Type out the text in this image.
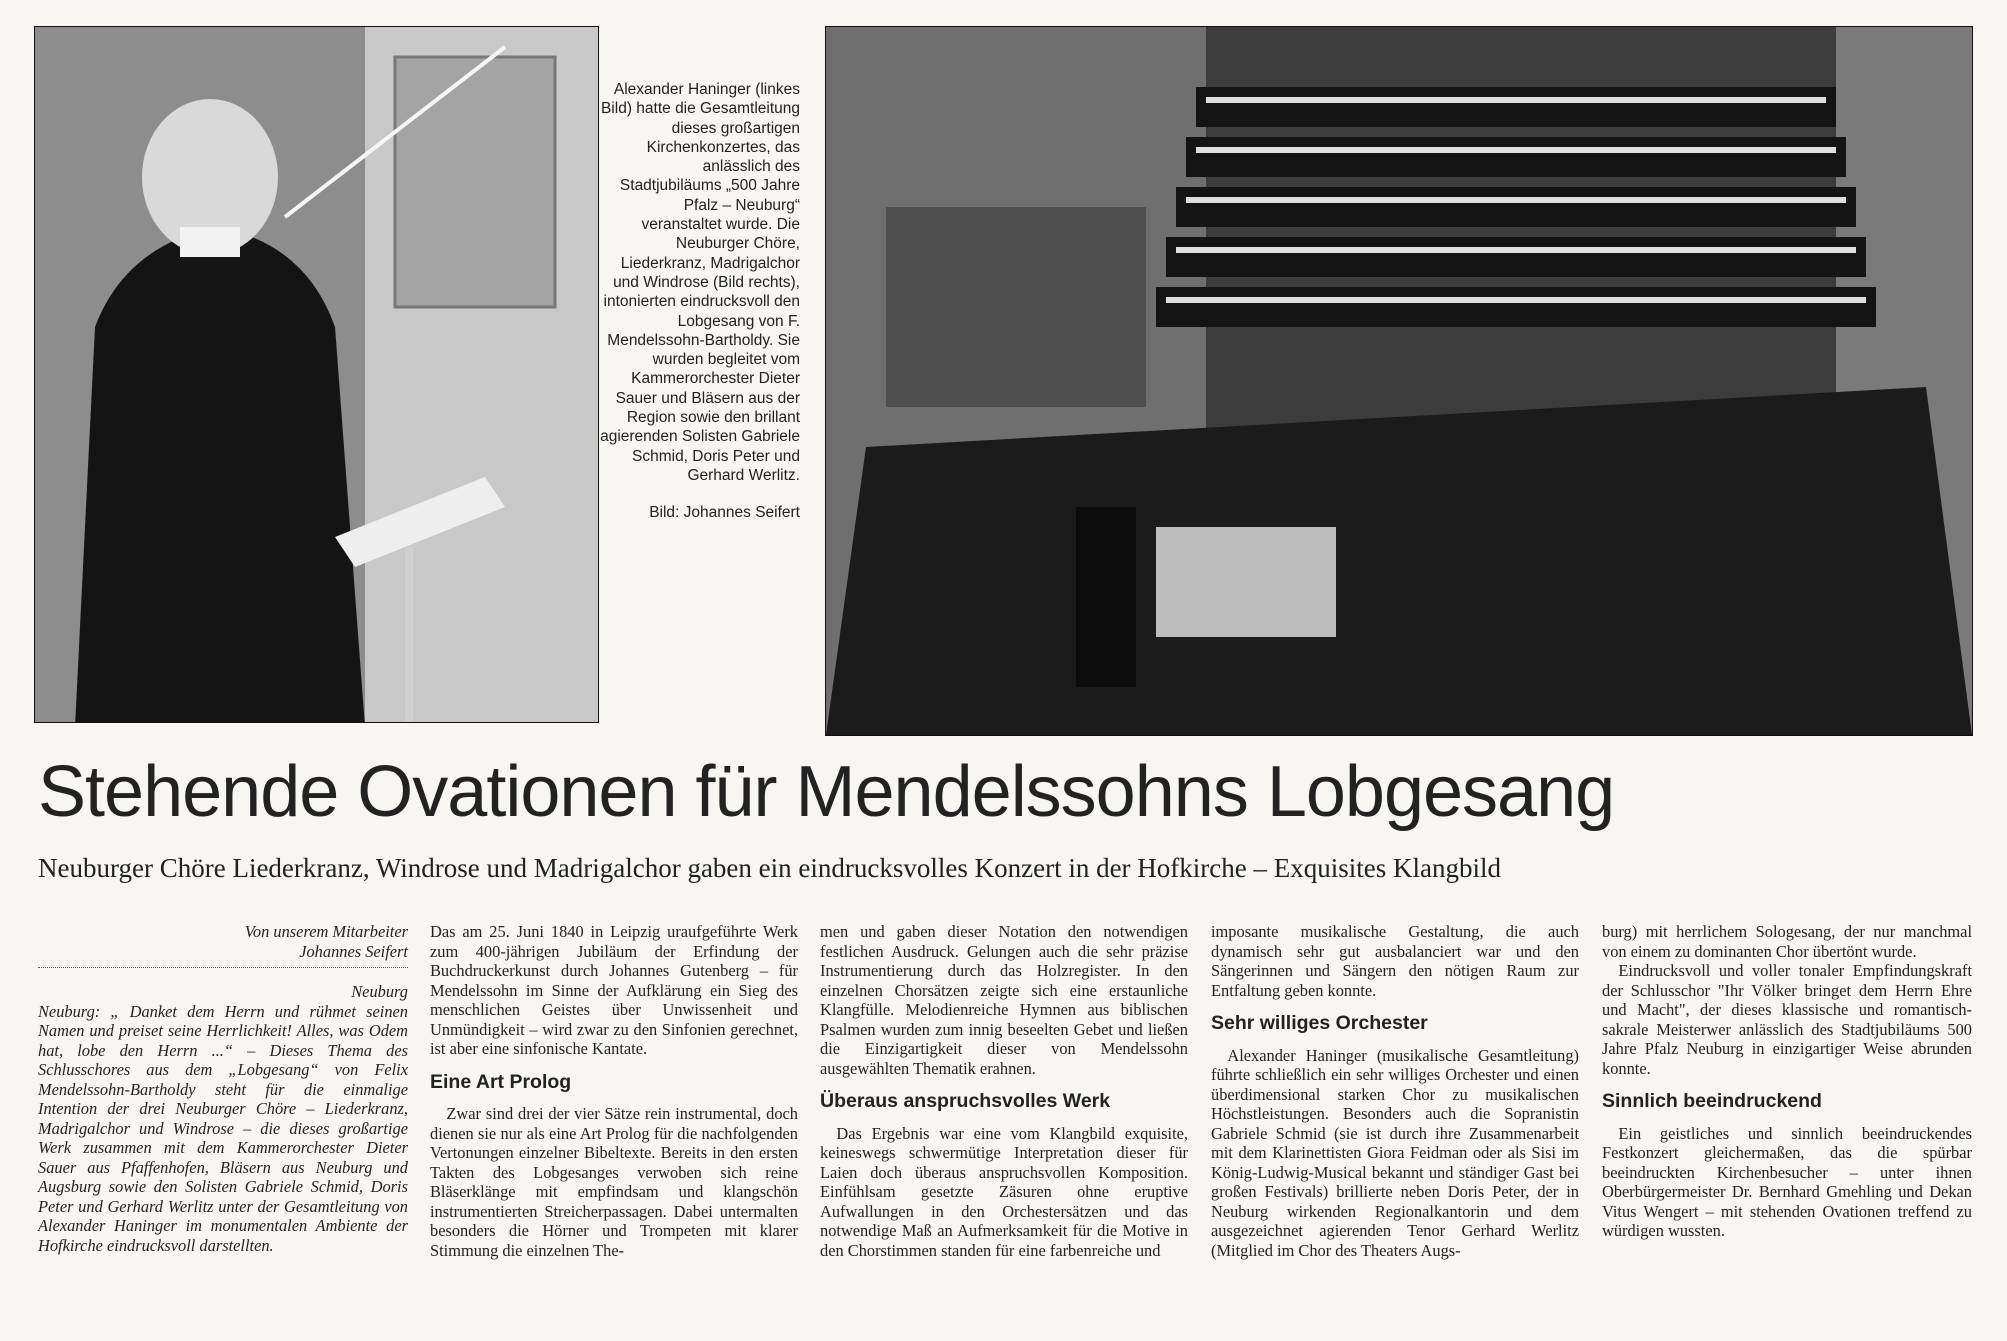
Alexander Haninger (linkes Bild) hatte die Gesamtleitung dieses großartigen Kirchenkonzertes, das anlässlich des Stadtjubiläums „500 Jahre Pfalz – Neuburg“ veranstaltet wurde. Die Neuburger Chöre, Liederkranz, Madrigalchor und Windrose (Bild rechts), intonierten eindrucksvoll den Lobgesang von F. Mendelssohn-Bartholdy. Sie wurden begleitet vom Kammerorchester Dieter Sauer und Bläsern aus der Region sowie den brillant agierenden Solisten Gabriele Schmid, Doris Peter und Gerhard Werlitz.
Bild: Johannes Seifert
Stehende Ovationen für Mendelssohns Lobgesang

Neuburger Chöre Liederkranz, Windrose und Madrigalchor gaben ein eindrucksvolles Konzert in der Hofkirche – Exquisites Klangbild

Von unserem Mitarbeiter

Johannes Seifert

Neuburg

Neuburg: „ Danket dem Herrn und rühmet seinen Namen und preiset seine Herrlichkeit! Alles, was Odem hat, lobe den Herrn ...“ – Dieses Thema des Schlusschores aus dem „Lobgesang“ von Felix Mendelssohn-Bartholdy steht für die einmalige Intention der drei Neuburger Chöre – Liederkranz, Madrigalchor und Windrose – die dieses großartige Werk zusammen mit dem Kammerorchester Dieter Sauer aus Pfaffenhofen, Bläsern aus Neuburg und Augsburg sowie den Solisten Gabriele Schmid, Doris Peter und Gerhard Werlitz unter der Gesamtleitung von Alexander Haninger im monumentalen Ambiente der Hofkirche eindrucksvoll darstellten.

Das am 25. Juni 1840 in Leipzig uraufgeführte Werk zum 400-jährigen Jubiläum der Erfindung der Buchdruckerkunst durch Johannes Gutenberg – für Mendelssohn im Sinne der Aufklärung ein Sieg des menschlichen Geistes über Unwissenheit und Unmündigkeit – wird zwar zu den Sinfonien gerechnet, ist aber eine sinfonische Kantate.

Eine Art Prolog

Zwar sind drei der vier Sätze rein instrumental, doch dienen sie nur als eine Art Prolog für die nachfolgenden Vertonungen einzelner Bibeltexte. Bereits in den ersten Takten des Lobgesanges verwoben sich reine Bläserklänge mit empfindsam und klangschön instrumentierten Streicherpassagen. Dabei untermalten besonders die Hörner und Trompeten mit klarer Stimmung die einzelnen The-

men und gaben dieser Notation den notwendigen festlichen Ausdruck. Gelungen auch die sehr präzise Instrumentierung durch das Holzregister. In den einzelnen Chorsätzen zeigte sich eine erstaunliche Klangfülle. Melodienreiche Hymnen aus biblischen Psalmen wurden zum innig beseelten Gebet und ließen die Einzigartigkeit dieser von Mendelssohn ausgewählten Thematik erahnen.

Überaus anspruchsvolles Werk

Das Ergebnis war eine vom Klangbild exquisite, keineswegs schwermütige Interpretation dieser für Laien doch überaus anspruchsvollen Komposition. Einfühlsam gesetzte Zäsuren ohne eruptive Aufwallungen in den Orchestersätzen und das notwendige Maß an Aufmerksamkeit für die Motive in den Chorstimmen standen für eine farbenreiche und

imposante musikalische Gestaltung, die auch dynamisch sehr gut ausbalanciert war und den Sängerinnen und Sängern den nötigen Raum zur Entfaltung geben konnte.

Sehr williges Orchester

Alexander Haninger (musikalische Gesamtleitung) führte schließlich ein sehr williges Orchester und einen überdimensional starken Chor zu musikalischen Höchstleistungen. Besonders auch die Sopranistin Gabriele Schmid (sie ist durch ihre Zusammenarbeit mit dem Klarinettisten Giora Feidman oder als Sisi im König-Ludwig-Musical bekannt und ständiger Gast bei großen Festivals) brillierte neben Doris Peter, der in Neuburg wirkenden Regionalkantorin und dem ausgezeichnet agierenden Tenor Gerhard Werlitz (Mitglied im Chor des Theaters Augs-

burg) mit herrlichem Sologesang, der nur manchmal von einem zu dominanten Chor übertönt wurde.

Eindrucksvoll und voller tonaler Empfindungskraft der Schlusschor "Ihr Völker bringet dem Herrn Ehre und Macht", der dieses klassische und romantisch-sakrale Meisterwer anlässlich des Stadtjubiläums 500 Jahre Pfalz Neuburg in einzigartiger Weise abrunden konnte.

Sinnlich beeindruckend

Ein geistliches und sinnlich beeindruckendes Festkonzert gleichermaßen, das die spürbar beeindruckten Kirchenbesucher – unter ihnen Oberbürgermeister Dr. Bernhard Gmehling und Dekan Vitus Wengert – mit stehenden Ovationen treffend zu würdigen wussten.
